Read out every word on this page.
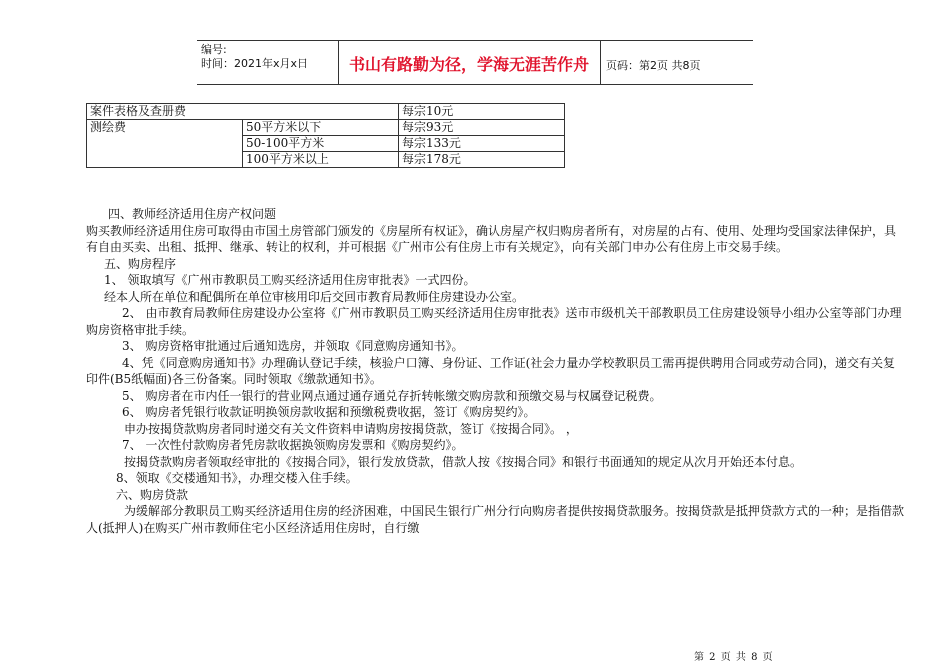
编号:
时间：2021年x月x日	书山有路勤为径，学海无涯苦作舟	页码：第2页 共8页
案件表格及查册费		每宗10元
测绘费	50平方米以下	每宗93元
	50-100平方米	每宗133元
	100平方米以上	每宗178元

四、教师经济适用住房产权问题

购买教师经济适用住房可取得由市国土房管部门颁发的《房屋所有权证》，确认房屋产权归购房者所有，对房屋的占有、使用、处理均受国家法律保护，具有自由买卖、出租、抵押、继承、转让的权利，并可根据《广州市公有住房上市有关规定》，向有关部门申办公有住房上市交易手续。

五、购房程序

1、 领取填写《广州市教职员工购买经济适用住房审批表》一式四份。

经本人所在单位和配偶所在单位审核用印后交回市教育局教师住房建设办公室。

2、 由市教育局教师住房建设办公室将《广州市教职员工购买经济适用住房审批表》送市市级机关干部教职员工住房建设领导小组办公室等部门办理购房资格审批手续。

3、 购房资格审批通过后通知选房，并领取《同意购房通知书》。

4、凭《同意购房通知书》办理确认登记手续，核验户口簿、身份证、工作证(社会力量办学校教职员工需再提供聘用合同或劳动合同)，递交有关复印件(B5纸幅面)各三份备案。同时领取《缴款通知书》。

5、 购房者在市内任一银行的营业网点通过通存通兑存折转帐缴交购房款和预缴交易与权属登记税费。

6、 购房者凭银行收款证明换领房款收据和预缴税费收据，签订《购房契约》。

申办按揭贷款购房者同时递交有关文件资料申请购房按揭贷款，签订《按揭合同》。 ，

7、 一次性付款购房者凭房款收据换领购房发票和《购房契约》。

按揭贷款购房者领取经审批的《按揭合同》，银行发放贷款，借款人按《按揭合同》和银行书面通知的规定从次月开始还本付息。

8、领取《交楼通知书》，办理交楼入住手续。

六、购房贷款

为缓解部分教职员工购买经济适用住房的经济困难，中国民生银行广州分行向购房者提供按揭贷款服务。按揭贷款是抵押贷款方式的一种；是指借款人(抵押人)在购买广州市教师住宅小区经济适用住房时，自行缴

第 2 页 共 8 页
